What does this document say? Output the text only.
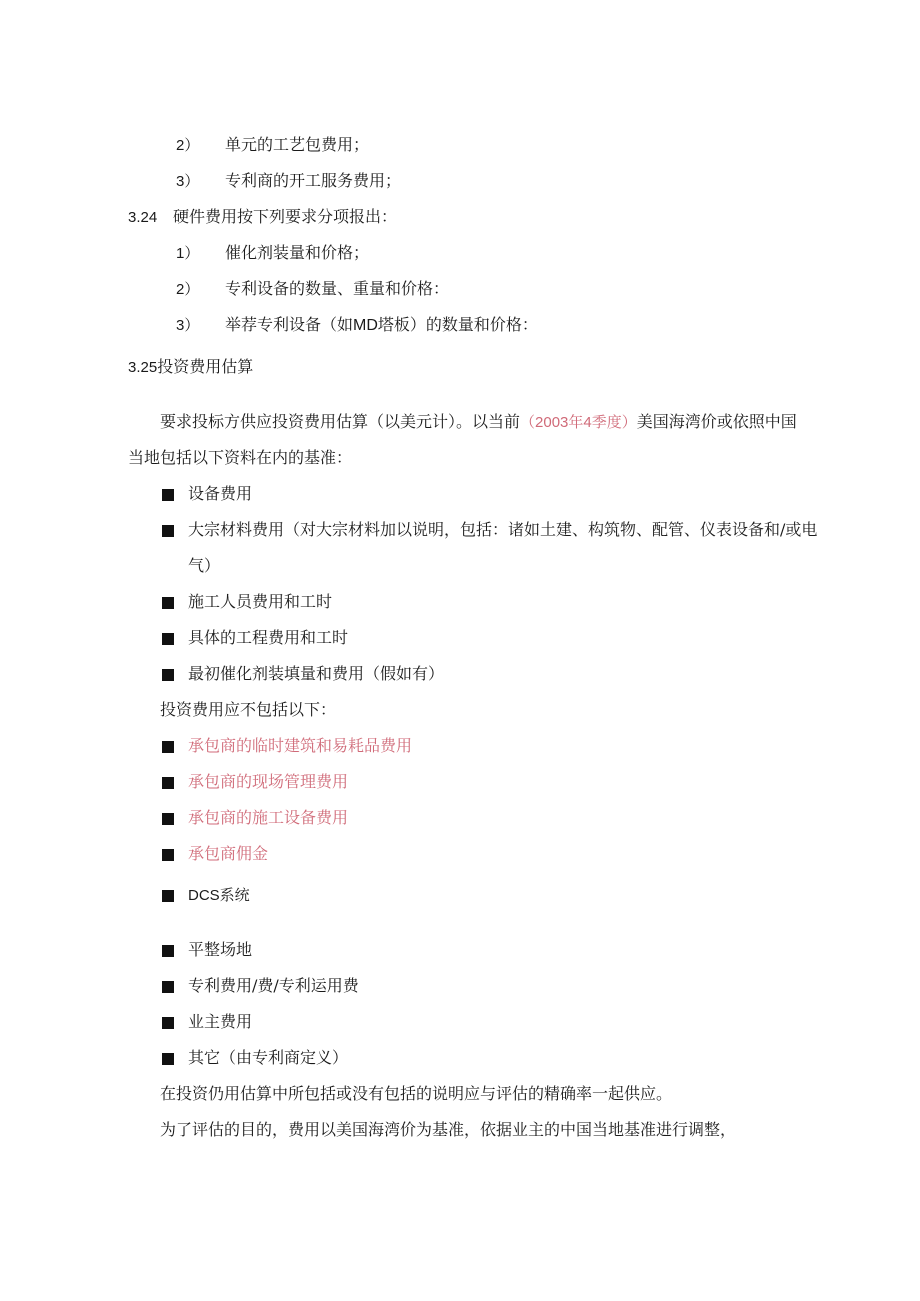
2） 单元的工艺包费用；
3） 专利商的开工服务费用；
3.24 硬件费用按下列要求分项报出：
1） 催化剂装量和价格；
2） 专利设备的数量、重量和价格：
3） 举荐专利设备（如MD塔板）的数量和价格：
3.25投资费用估算
要求投标方供应投资费用估算（以美元计）。以当前（2003年4季度）美国海湾价或依照中国
当地包括以下资料在内的基准：
设备费用
大宗材料费用（对大宗材料加以说明，包括：诸如土建、构筑物、配管、仪表设备和/或电
气）
施工人员费用和工时
具体的工程费用和工时
最初催化剂装填量和费用（假如有）
投资费用应不包括以下：
承包商的临时建筑和易耗品费用
承包商的现场管理费用
承包商的施工设备费用
承包商佣金
DCS系统
平整场地
专利费用/费/专利运用费
业主费用
其它（由专利商定义）
在投资仍用估算中所包括或没有包括的说明应与评估的精确率一起供应。
为了评估的目的，费用以美国海湾价为基准，依据业主的中国当地基准进行调整，
